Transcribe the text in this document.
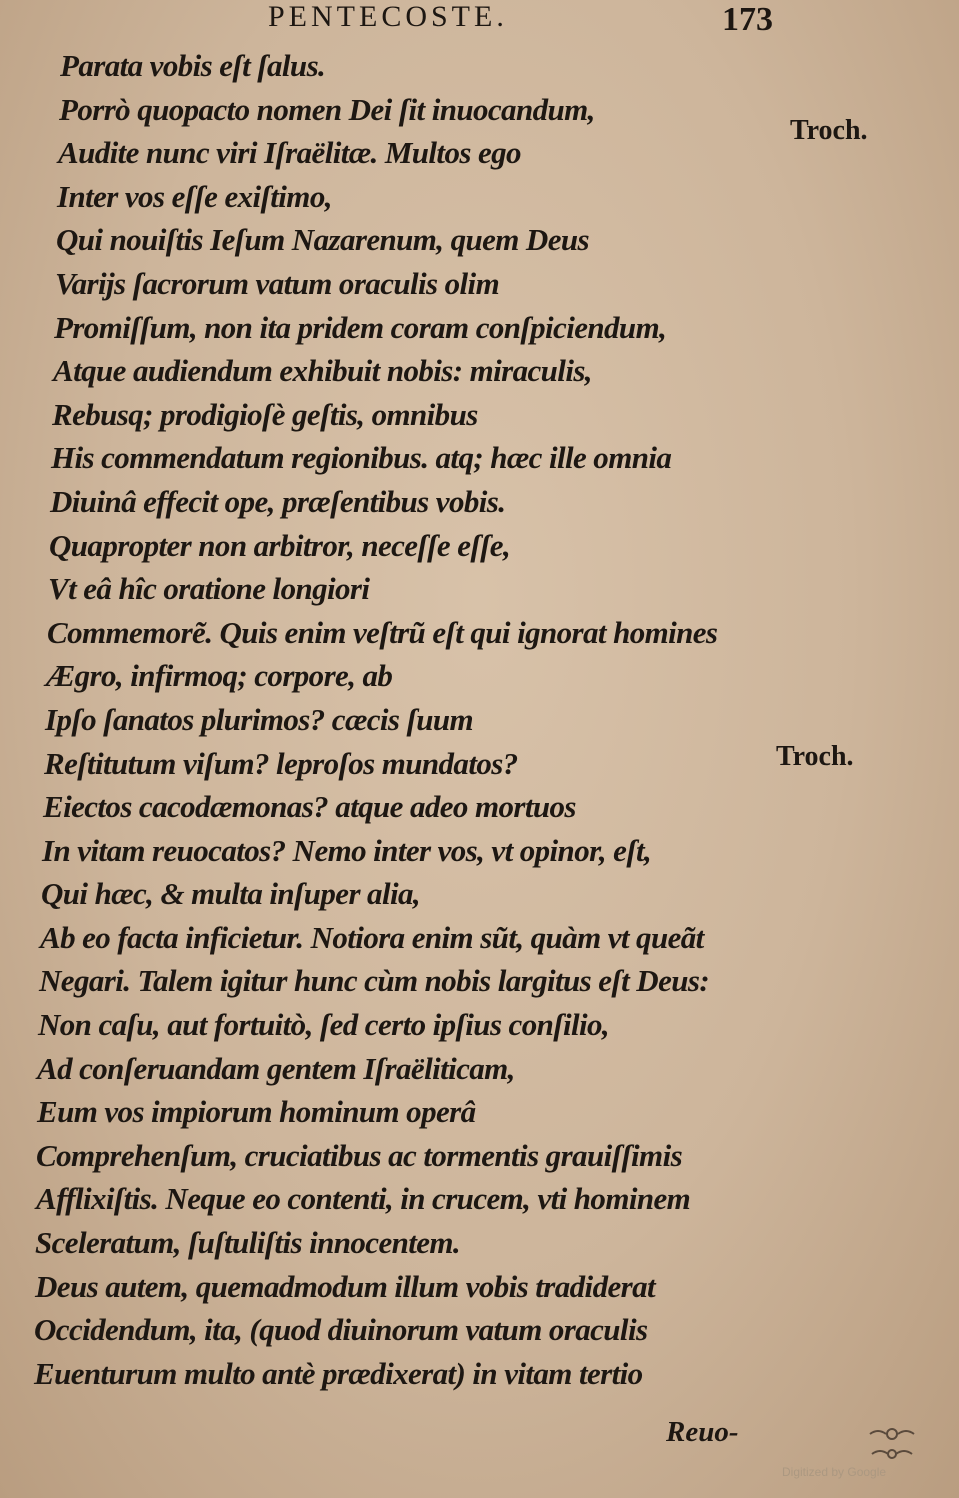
PENTECOSTE.	173
Parata vobis eſt ſalus.
Porrò quopacto nomen Dei ſit inuocandum,
Audite nunc viri Iſraëlitæ. Multos ego
Inter vos eſſe exiſtimo,
Qui nouiſtis Ieſum Nazarenum, quem Deus
Varijs ſacrorum vatum oraculis olim
Promiſſum, non ita pridem coram conſpiciendum,
Atque audiendum exhibuit nobis: miraculis,
Rebusq; prodigioſè geſtis, omnibus
His commendatum regionibus. atq; hæc ille omnia
Diuinâ effecit ope, præſentibus vobis.
Quapropter non arbitror, neceſſe eſſe,
Vt eâ hîc oratione longiori
Commemorẽ. Quis enim veſtrũ eſt qui ignorat homines
Ægro, infirmoq; corpore, ab
Ipſo ſanatos plurimos? cæcis ſuum
Reſtitutum viſum? leproſos mundatos?
Eiectos cacodæmonas? atque adeo mortuos
In vitam reuocatos? Nemo inter vos, vt opinor, eſt,
Qui hæc, & multa inſuper alia,
Ab eo facta inficietur. Notiora enim sũt, quàm vt queãt
Negari. Talem igitur hunc cùm nobis largitus eſt Deus:
Non caſu, aut fortuitò, ſed certo ipſius conſilio,
Ad conſeruandam gentem Iſraëliticam,
Eum vos impiorum hominum operâ
Comprehenſum, cruciatibus ac tormentis grauiſſimis
Afflixiſtis. Neque eo contenti, in crucem, vti hominem
Sceleratum, ſuſtuliſtis innocentem.
Deus autem, quemadmodum illum vobis tradiderat
Occidendum, ita, (quod diuinorum vatum oraculis
Euenturum multo antè prædixerat) in vitam tertio
Troch.
Troch.
Reuo-
Digitized by Google
